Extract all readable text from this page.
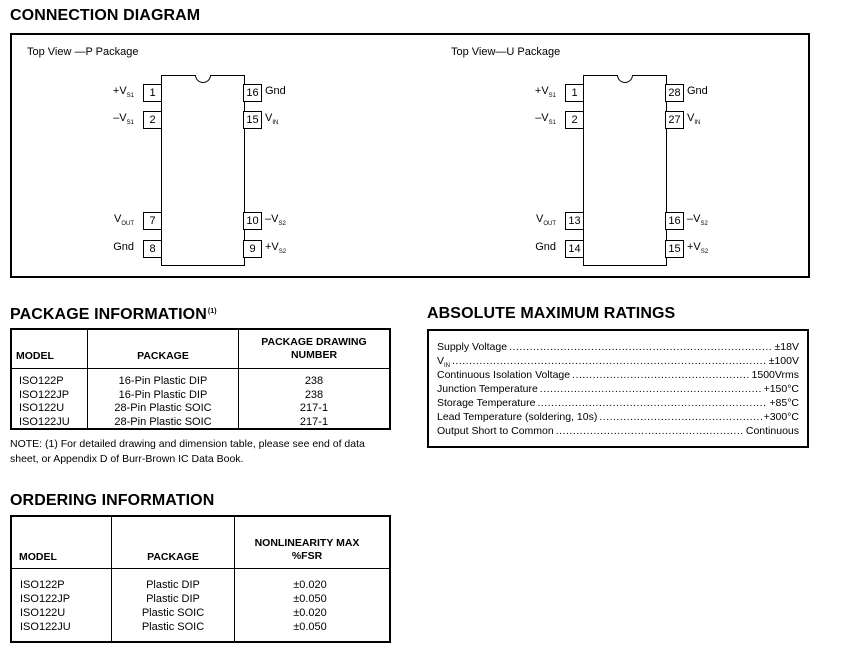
CONNECTION DIAGRAM
Top View —P Package	Top View—U Package
1
$+V_{S1}$
2
$-V_{S1}$
7
$V_{OUT}$
8
Gnd
16 Gnd
15 $V_{IN}$
10 $-V_{S2}$
$9 +V_{S2}$
1
$+V_{S1}$
2
$-V_{S1}$
13
$V_{OUT}$
14
Gnd
28 Gnd
27 $V_{IN}$
16 $-V_{S2}$
$15 +V_{S2}$
PACKAGE INFORMATION$^{(1)}$
MODEL	PACKAGE
PACKAGE DRAWING NUMBER
ISO122P	16-Pin Plastic DIP	238
ISO122JP	16-Pin Plastic DIP	238
ISO122U	28-Pin Plastic SOIC	217-1
ISO122JU	28-Pin Plastic SOIC	217-1
NOTE: (1) For detailed drawing and dimension table, please see end of data sheet, or Appendix D of Burr-Brown IC Data Book.
ABSOLUTE MAXIMUM RATINGS
Supply Voltage .....	±18V
$V_{IN}$ .....	±100V
Continuous Isolation Voltage .....	1500Vrms
Junction Temperature .....	+150°C
Storage Temperature .....	+85°C
Lead Temperature (soldering, 10s) .....	+300°C
Output Short to Common .....	Continuous
ORDERING INFORMATION
MODEL	PACKAGE
NONLINEARITY MAX %FSR
ISO122P	Plastic DIP	±0.020
ISO122JP	Plastic DIP	±0.050
ISO122U	Plastic SOIC	±0.020
ISO122JU	Plastic SOIC	±0.050
